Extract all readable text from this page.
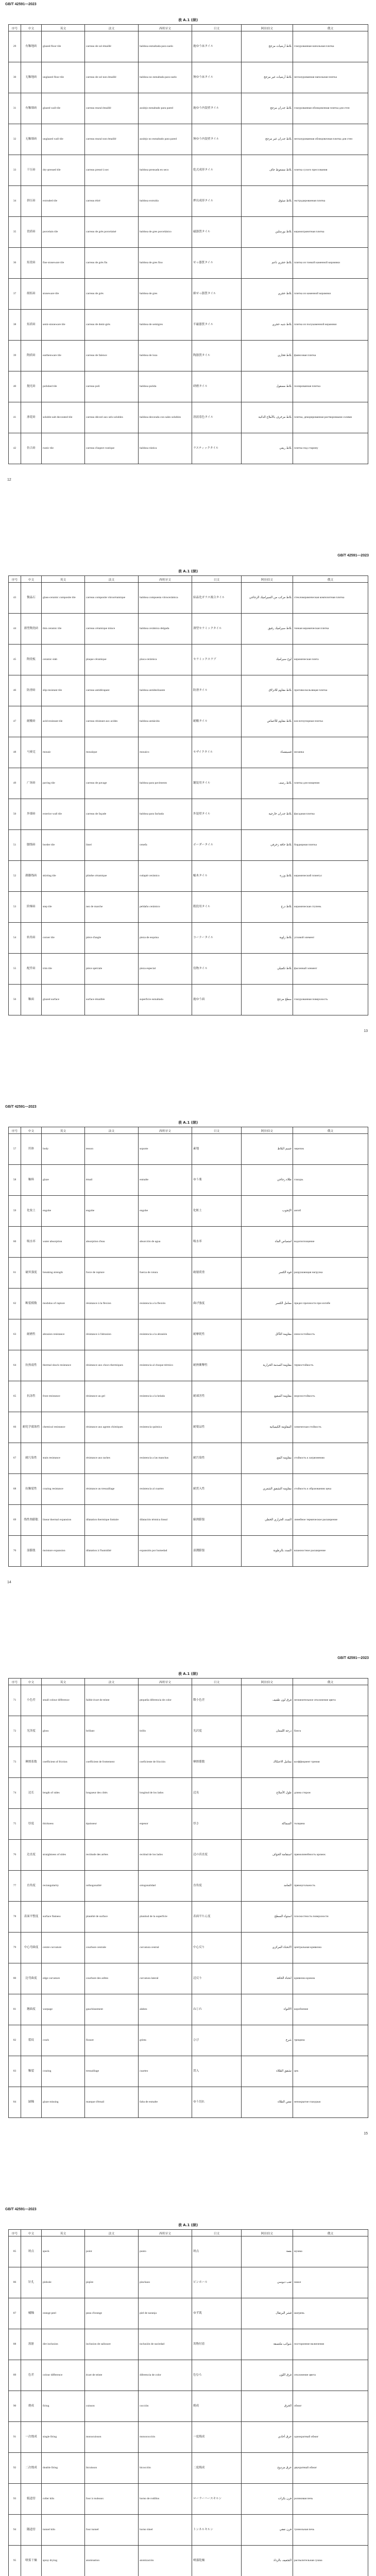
GB/T 42591—2023
表 A.1 (续)
序号	中文	英文	法文	西班牙文	日文	阿拉伯文	俄文
29	有釉地砖	glazed floor tile	carreau de sol émaillé	baldosa esmaltada para suelo	施ゆう床タイル	بلاط أرضيات مزجج	глазурованная напольная плитка
30	无釉地砖	unglazed floor tile	carreau de sol non émaillé	baldosa no esmaltada para suelo	無ゆう床タイル	بلاط أرضيات غير مزجج	неглазурованная напольная плитка
31	有釉墙砖	glazed wall tile	carreau mural émaillé	azulejo esmaltado para pared	施ゆう内装壁タイル	بلاط جدران مزجج	глазурованная облицовочная плитка для стен
32	无釉墙砖	unglazed wall tile	carreau mural non émaillé	azulejo no esmaltado para pared	無ゆう内装壁タイル	بلاط جدران غير مزجج	неглазурованная облицовочная плитка для стен
33	干压砖	dry-pressed tile	carreau pressé à sec	baldosa prensada en seco	乾式成形タイル	بلاط مضغوط جاف	плитка сухого прессования
34	挤压砖	extruded tile	carreau étiré	baldosa extruida	押出成形タイル	بلاط مبثوق	экструдированная плитка
35	瓷质砖	porcelain tile	carreau de grès porcelainé	baldosa de gres porcelánico	磁器質タイル	بلاط بورسلين	керамогранитная плитка
36	炻瓷砖	fine stoneware tile	carreau de grès fin	baldosa de gres fino	せっ器質タイル	بلاط حجري ناعم	плитка из тонкой каменной керамики
37	细炻砖	stoneware tile	carreau de grès	baldosa de gres	細せっ器質タイル	بلاط حجري	плитка из каменной керамики
38	炻质砖	semi-stoneware tile	carreau de demi-grès	baldosa de semigres	半磁器質タイル	بلاط شبه حجري	плитка из полукаменной керамики
39	陶质砖	earthenware tile	carreau de faïence	baldosa de loza	陶器質タイル	بلاط فخاري	фаянсовая плитка
40	抛光砖	polished tile	carreau poli	baldosa pulida	研磨タイル	بلاط مصقول	полированная плитка
41	渗花砖	soluble-salt decorated tile	carreau décoré aux sels solubles	baldosa decorada con sales solubles	溶液着色タイル	بلاط مزخرف بالأملاح الذائبة	плитка, декорированная растворимыми солями
42	仿古砖	rustic tile	carreau d'aspect rustique	baldosa rústica	ラスティックタイル	بلاط ريفي	плитка под старину
12
GB/T 42591—2023
表 A.1 (续)
序号	中文	英文	法文	西班牙文	日文	阿拉伯文	俄文
43	微晶石	glass-ceramic composite tile	carreau composite vitrocéramique	baldosa compuesta vitrocerámica	結晶化ガラス複合タイル	بلاط مركب من السيراميك الزجاجي	стеклокерамическая композитная плитка
44	薄型陶瓷砖	thin ceramic tile	carreau céramique mince	baldosa cerámica delgada	薄型セラミックタイル	بلاط سيراميك رقيق	тонкая керамическая плитка
45	陶瓷板	ceramic slab	plaque céramique	placa cerámica	セラミックスラブ	لوح سيراميك	керамическая плита
46	防滑砖	slip-resistant tile	carreau antidérapant	baldosa antideslizante	防滑タイル	بلاط مقاوم للانزلاق	противоскользящая плитка
47	耐酸砖	acid-resistant tile	carreau résistant aux acides	baldosa antiácida	耐酸タイル	بلاط مقاوم للأحماض	кислотоупорная плитка
48	马赛克	mosaic	mosaïque	mosaico	モザイクタイル	فسيفساء	мозаика
49	广场砖	paving tile	carreau de pavage	baldosa para pavimento	舗装用タイル	بلاط رصف	плитка для мощения
50	外墙砖	exterior wall tile	carreau de façade	baldosa para fachada	外装壁タイル	بلاط جدران خارجية	фасадная плитка
51	腰线砖	border tile	listel	cenefa	ボーダータイル	بلاط حافة زخرفي	бордюрная плитка
52	踢脚线砖	skirting tile	plinthe céramique	rodapié cerámico	幅木タイル	بلاط وزرة	керамический плинтус
53	阶梯砖	step tile	nez de marche	peldaño cerámico	階段用タイル	بلاط درج	керамическая ступень
54	转角砖	corner tile	pièce d'angle	pieza de esquina	コーナータイル	بلاط زاوية	угловой элемент
55	配件砖	trim tile	pièce spéciale	pieza especial	役物タイル	بلاط تكميلي	фасонный элемент
56	釉面	glazed surface	surface émaillée	superficie esmaltada	施ゆう面	سطح مزجج	глазурованная поверхность
13
GB/T 42591—2023
表 A.1 (续)
序号	中文	英文	法文	西班牙文	日文	阿拉伯文	俄文
57	坯体	body	tesson	soporte	素地	جسم البلاط	черепок
58	釉料	glaze	émail	esmalte	ゆう薬	طلاء زجاجي	глазурь
59	化妆土	engobe	engobe	engobe	化粧土	الإنجوب	ангоб
60	吸水率	water absorption	absorption d'eau	absorción de agua	吸水率	امتصاص الماء	водопоглощение
61	破坏强度	breaking strength	force de rupture	fuerza de rotura	破壊荷重	قوة الكسر	разрушающая нагрузка
62	断裂模数	modulus of rupture	résistance à la flexion	resistencia a la flexión	曲げ強度	معامل الكسر	предел прочности при изгибе
63	耐磨性	abrasion resistance	résistance à l'abrasion	resistencia a la abrasión	耐摩耗性	مقاومة التآكل	износостойкость
64	抗热震性	thermal shock resistance	résistance aux chocs thermiques	resistencia al choque térmico	耐熱衝撃性	مقاومة الصدمة الحرارية	термостойкость
65	抗冻性	frost resistance	résistance au gel	resistencia a la helada	耐凍害性	مقاومة الصقيع	морозостойкость
66	耐化学腐蚀性	chemical resistance	résistance aux agents chimiques	resistencia química	耐薬品性	المقاومة الكيميائية	химическая стойкость
67	耐污染性	stain resistance	résistance aux taches	resistencia a las manchas	耐汚染性	مقاومة البقع	стойкость к загрязнению
68	抗釉裂性	crazing resistance	résistance au tressaillage	resistencia al cuarteo	耐貫入性	مقاومة التشقق الشعري	стойкость к образованию цека
69	线性热膨胀	linear thermal expansion	dilatation thermique linéaire	dilatación térmica lineal	線熱膨張	التمدد الحراري الخطي	линейное термическое расширение
70	湿膨胀	moisture expansion	dilatation à l'humidité	expansión por humedad	湿潤膨張	التمدد بالرطوبة	влажностное расширение
14
GB/T 42591—2023
表 A.1 (续)
序号	中文	英文	法文	西班牙文	日文	阿拉伯文	俄文
71	小色差	small colour difference	faible écart de teinte	pequeña diferencia de color	微小色差	فرق لون طفيف	незначительное отклонение цвета
72	光泽度	gloss	brillant	brillo	光沢度	درجة اللمعان	блеск
73	摩擦系数	coefficient of friction	coefficient de frottement	coeficiente de fricción	摩擦係数	معامل الاحتكاك	коэффициент трения
74	边长	length of sides	longueur des côtés	longitud de los lados	辺長	طول الأضلاع	длина сторон
75	厚度	thickness	épaisseur	espesor	厚さ	السماكة	толщина
76	边直度	straightness of sides	rectitude des arêtes	rectitud de los lados	辺の真直度	استقامة الحواف	прямолинейность кромок
77	直角度	rectangularity	orthogonalité	ortogonalidad	直角度	التعامد	прямоугольность
78	表面平整度	surface flatness	planéité de surface	planitud de la superficie	表面平たん度	استواء السطح	плоскостность поверхности
79	中心弯曲度	centre curvature	courbure centrale	curvatura central	中心反り	الانحناء المركزي	центральная кривизна
80	边弯曲度	edge curvature	courbure des arêtes	curvatura lateral	辺反り	انحناء الحافة	кривизна кромок
81	翘曲度	warpage	gauchissement	alabeo	ねじれ	الالتواء	коробление
82	裂纹	crack	fissure	grieta	ひび	شرخ	трещина
83	釉裂	crazing	tressaillage	cuarteo	貫入	تشقق الطلاء	цек
84	缺釉	glaze missing	manque d'émail	falta de esmalte	ゆう切れ	نقص الطلاء	непокрытие глазурью
15
GB/T 42591—2023
表 A.1 (续)
序号	中文	英文	法文	西班牙文	日文	阿拉伯文	俄文
85	斑点	speck	point	punto	斑点	بقعة	мушка
86	针孔	pinhole	piqûre	pinchazo	ピンホール	ثقب دبوسي	накол
87	橘釉	orange peel	peau d'orange	piel de naranja	ゆず肌	قشر البرتقال	шагрень
88	落脏	dirt inclusion	inclusion de salissure	inclusión de suciedad	異物付着	شوائب ملتصقة	посторонние включения
89	色差	colour difference	écart de teinte	diferencia de color	色むら	فرق اللون	отклонение цвета
90	烧成	firing	cuisson	cocción	焼成	الحرق	обжиг
91	一次烧成	single firing	monocuisson	monococción	一度焼成	حرق أحادي	однократный обжиг
92	二次烧成	double firing	bicuisson	bicocción	二度焼成	حرق مزدوج	двукратный обжиг
93	辊道窑	roller kiln	four à rouleaux	horno de rodillos	ローラーハースキルン	فرن بكرات	роликовая печь
94	隧道窑	tunnel kiln	four tunnel	horno túnel	トンネルキルン	فرن نفقي	туннельная печь
95	喷雾干燥	spray drying	atomisation	atomización	噴霧乾燥	التجفيف بالرذاذ	распылительная сушка
